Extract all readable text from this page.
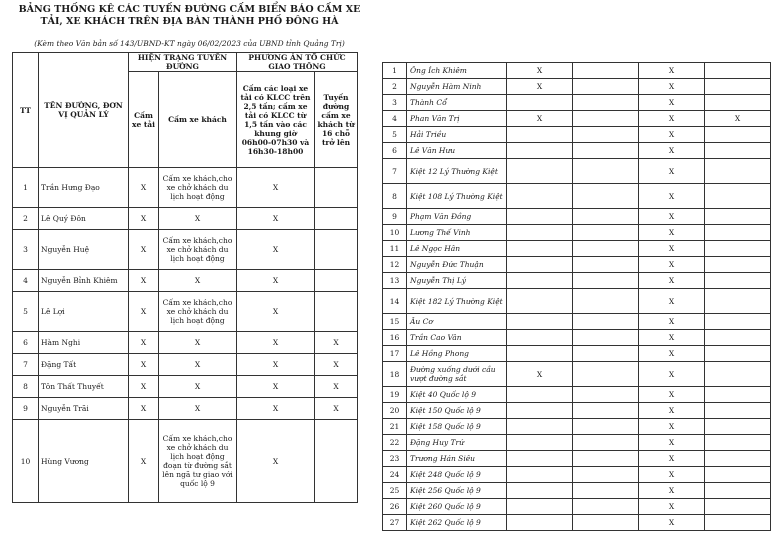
BẢNG THỐNG KÊ CÁC TUYẾN ĐƯỜNG CẤM BIỂN BÁO CẤM XE TẢI, XE KHÁCH TRÊN ĐỊA BÀN THÀNH PHỐ ĐÔNG HÀ
(Kèm theo Văn bản số 143/UBND-KT ngày 06/02/2023 của UBND tỉnh Quảng Trị)
TT	TÊN ĐƯỜNG, ĐƠN VỊ QUẢN LÝ	HIỆN TRẠNG TUYẾN ĐƯỜNG		PHƯƠNG ÁN TỔ CHỨC GIAO THÔNG	
		Cấm xe tải	Cấm xe khách	Cấm các loại xe tải có KLCC trên 2,5 tấn; cấm xe tải có KLCC từ 1,5 tấn vào các khung giờ 06h00-07h30 và 16h30-18h00	Tuyến đường cấm xe khách từ 16 chỗ trở lên
1	Trần Hưng Đạo	X	Cấm xe khách,cho xe chở khách du lịch hoạt động	X	
2	Lê Quý Đôn	X	X	X	
3	Nguyễn Huệ	X	Cấm xe khách,cho xe chở khách du lịch hoạt động	X	
4	Nguyễn Bỉnh Khiêm	X	X	X	
5	Lê Lợi	X	Cấm xe khách,cho xe chở khách du lịch hoạt động	X	
6	Hàm Nghi	X	X	X	X
7	Đặng Tất	X	X	X	X
8	Tôn Thất Thuyết	X	X	X	X
9	Nguyễn Trãi	X	X	X	X
10	Hùng Vương	X	Cấm xe khách,cho xe chở khách du lịch hoạt động đoạn từ đường sắt lên ngã tư giao với quốc lộ 9	X	
1	Ông Ích Khiêm	X		X	
2	Nguyễn Hàm Ninh	X		X	
3	Thành Cổ			X	
4	Phan Văn Trị	X		X	X
5	Hải Triều			X	
6	Lê Văn Hưu			X	
7	Kiệt 12 Lý Thường Kiệt			X	
8	Kiệt 108 Lý Thường Kiệt			X	
9	Phạm Văn Đồng			X	
10	Lương Thế Vinh			X	
11	Lê Ngọc Hân			X	
12	Nguyễn Đức Thuận			X	
13	Nguyễn Thị Lý			X	
14	Kiệt 182 Lý Thường Kiệt			X	
15	Âu Cơ			X	
16	Trần Cao Vân			X	
17	Lê Hồng Phong			X	
18	Đường xuống dưới cầu vượt đường sắt	X		X	
19	Kiệt 40 Quốc lộ 9			X	
20	Kiệt 150 Quốc lộ 9			X	
21	Kiệt 158 Quốc lộ 9			X	
22	Đặng Huy Trứ			X	
23	Trương Hán Siêu			X	
24	Kiệt 248 Quốc lộ 9			X	
25	Kiệt 256 Quốc lộ 9			X	
26	Kiệt 260 Quốc lộ 9			X	
27	Kiệt 262 Quốc lộ 9			X	
